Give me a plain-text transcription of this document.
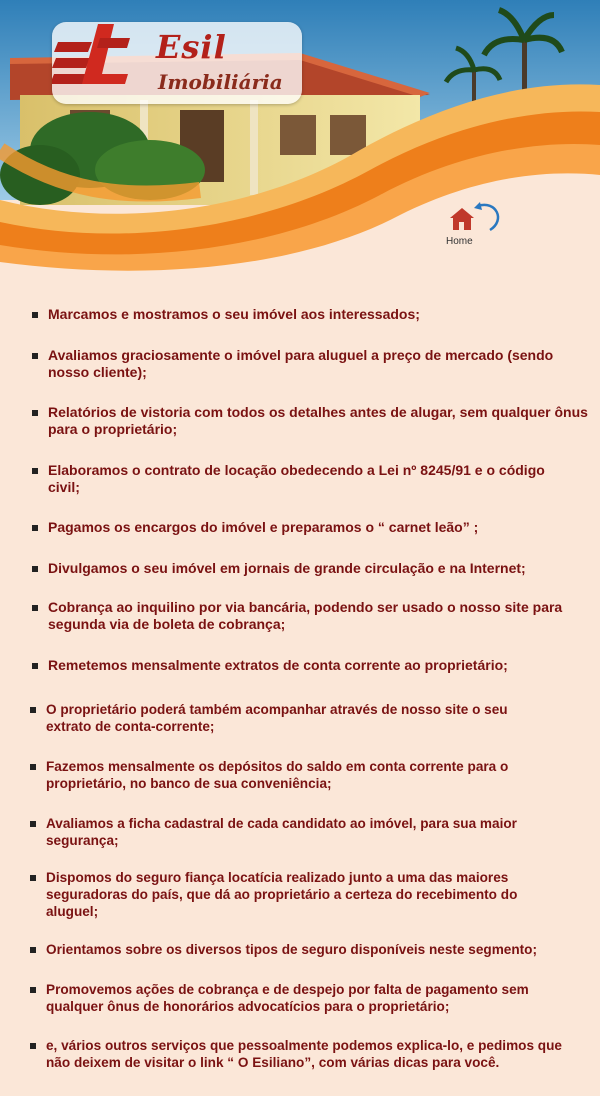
Esil
Imobiliária
Home
Marcamos e mostramos o seu imóvel aos interessados;
Avaliamos graciosamente o imóvel para aluguel a preço de mercado (sendo nosso cliente);
Relatórios de vistoria com todos os detalhes antes de alugar, sem qualquer ônus para o proprietário;
Elaboramos o contrato de locação obedecendo a Lei nº 8245/91 e o código civil;
Pagamos os encargos do imóvel e preparamos o “ carnet leão” ;
Divulgamos o seu imóvel em jornais de grande circulação e na Internet;
Cobrança ao inquilino por via bancária, podendo ser usado o nosso site para segunda via de boleta de cobrança;
Remetemos mensalmente extratos de conta corrente ao proprietário;
O proprietário poderá também acompanhar através de nosso site o seu extrato de conta-corrente;
Fazemos mensalmente os depósitos do saldo em conta corrente para o proprietário, no banco de sua conveniência;
Avaliamos a ficha cadastral de cada candidato ao imóvel, para sua maior segurança;
Dispomos do seguro fiança locatícia realizado junto a uma das maiores seguradoras do país, que dá ao proprietário a certeza do recebimento do aluguel;
Orientamos sobre os diversos tipos de seguro disponíveis neste segmento;
Promovemos ações de cobrança e de despejo por falta de pagamento sem qualquer ônus de honorários advocatícios para o proprietário;
e, vários outros serviços que pessoalmente podemos explica-lo, e pedimos que não deixem de visitar o link “ O Esiliano”, com várias dicas para você.
